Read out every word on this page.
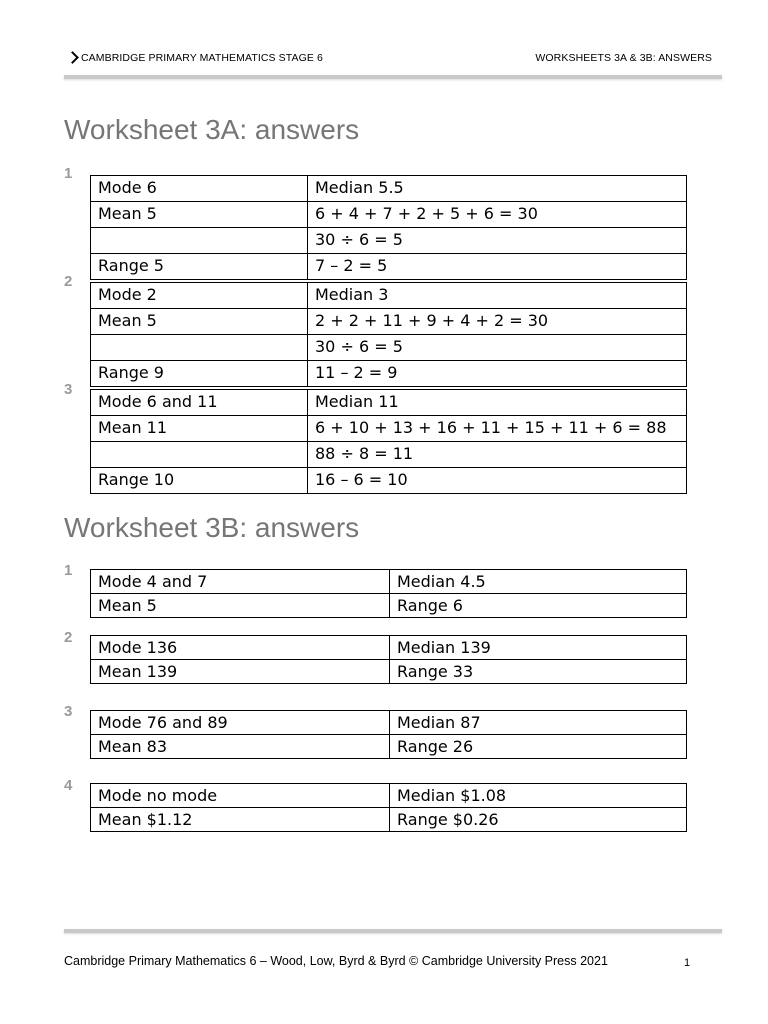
CAMBRIDGE PRIMARY MATHEMATICS STAGE 6	WORKSHEETS 3A & 3B: ANSWERS
Worksheet 3A: answers
1
Mode 6	Median 5.5
Mean 5	6 + 4 + 7 + 2 + 5 + 6 = 30
	30 ÷ 6 = 5
Range 5	7 – 2 = 5
2
Mode 2	Median 3
Mean 5	2 + 2 + 11 + 9 + 4 + 2 = 30
	30 ÷ 6 = 5
Range 9	11 – 2 = 9
3
Mode 6 and 11	Median 11
Mean 11	6 + 10 + 13 + 16 + 11 + 15 + 11 + 6 = 88
	88 ÷ 8 = 11
Range 10	16 – 6 = 10
Worksheet 3B: answers
1
Mode 4 and 7	Median 4.5
Mean 5	Range 6
2
Mode 136	Median 139
Mean 139	Range 33
3
Mode 76 and 89	Median 87
Mean 83	Range 26
4
Mode no mode	Median $1.08
Mean $1.12	Range $0.26
Cambridge Primary Mathematics 6 – Wood, Low, Byrd & Byrd © Cambridge University Press 2021	1
